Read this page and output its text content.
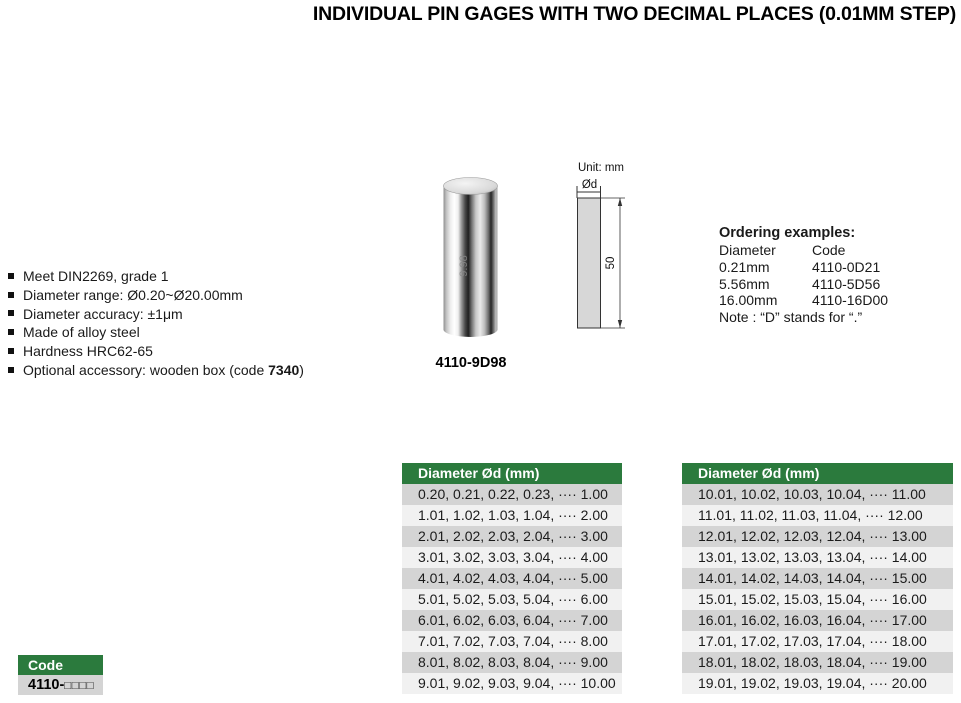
INDIVIDUAL PIN GAGES WITH TWO DECIMAL PLACES (0.01MM STEP)
Meet DIN2269, grade 1
Diameter range: Ø0.20~Ø20.00mm
Diameter accuracy: ±1μm
Made of alloy steel
Hardness HRC62-65
Optional accessory: wooden box (code 7340)
9.98
4110-9D98
Unit: mm
Ød
50
Ordering examples:
Diameter	Code
0.21mm	4110-0D21
5.56mm	4110-5D56
16.00mm 4110-16D00
Note : “D” stands for “.”
Code
4110-□□□□
Diameter Ød (mm)
0.20, 0.21, 0.22, 0.23, ···· 1.00
1.01, 1.02, 1.03, 1.04, ···· 2.00
2.01, 2.02, 2.03, 2.04, ···· 3.00
3.01, 3.02, 3.03, 3.04, ···· 4.00
4.01, 4.02, 4.03, 4.04, ···· 5.00
5.01, 5.02, 5.03, 5.04, ···· 6.00
6.01, 6.02, 6.03, 6.04, ···· 7.00
7.01, 7.02, 7.03, 7.04, ···· 8.00
8.01, 8.02, 8.03, 8.04, ···· 9.00
9.01, 9.02, 9.03, 9.04, ···· 10.00
Diameter Ød (mm)
10.01, 10.02, 10.03, 10.04, ···· 11.00
11.01, 11.02, 11.03, 11.04, ···· 12.00
12.01, 12.02, 12.03, 12.04, ···· 13.00
13.01, 13.02, 13.03, 13.04, ···· 14.00
14.01, 14.02, 14.03, 14.04, ···· 15.00
15.01, 15.02, 15.03, 15.04, ···· 16.00
16.01, 16.02, 16.03, 16.04, ···· 17.00
17.01, 17.02, 17.03, 17.04, ···· 18.00
18.01, 18.02, 18.03, 18.04, ···· 19.00
19.01, 19.02, 19.03, 19.04, ···· 20.00
